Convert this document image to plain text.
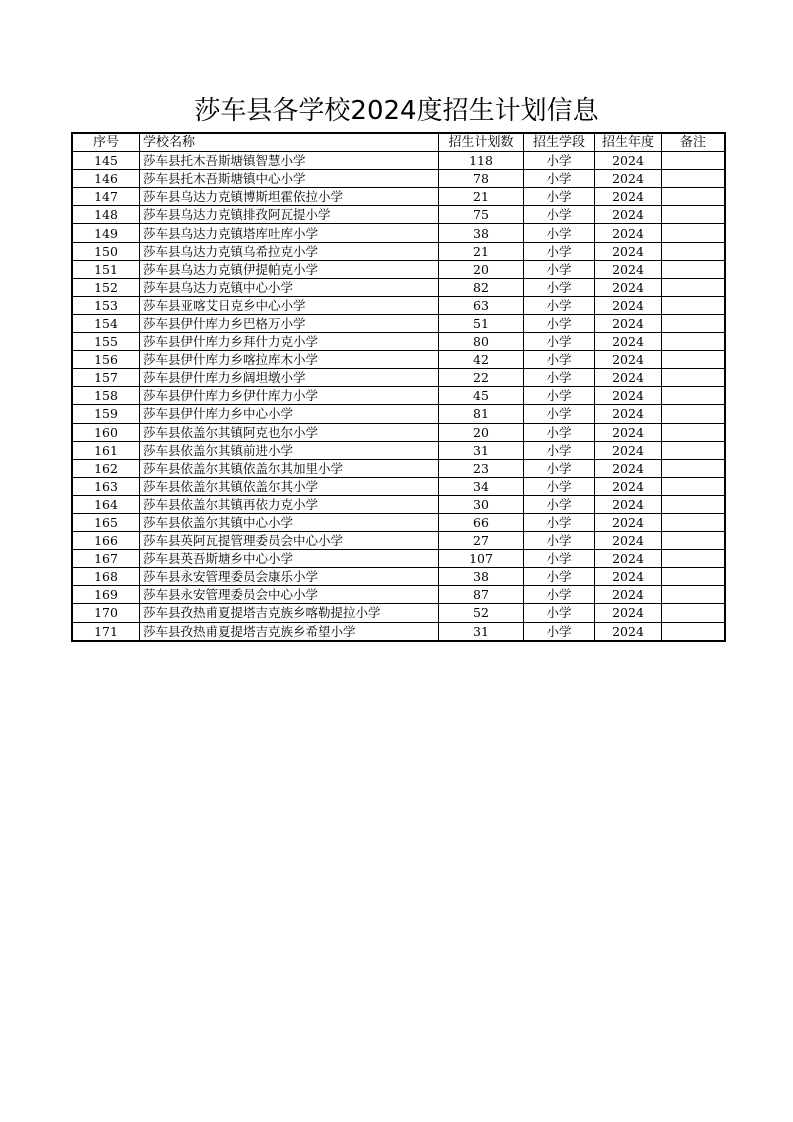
莎车县各学校2024度招生计划信息
序号	学校名称	招生计划数	招生学段	招生年度	备注
145	莎车县托木吾斯塘镇智慧小学	118	小学	2024	
146	莎车县托木吾斯塘镇中心小学	78	小学	2024	
147	莎车县乌达力克镇博斯坦霍依拉小学	21	小学	2024	
148	莎车县乌达力克镇排孜阿瓦提小学	75	小学	2024	
149	莎车县乌达力克镇塔库吐库小学	38	小学	2024	
150	莎车县乌达力克镇乌希拉克小学	21	小学	2024	
151	莎车县乌达力克镇伊提帕克小学	20	小学	2024	
152	莎车县乌达力克镇中心小学	82	小学	2024	
153	莎车县亚喀艾日克乡中心小学	63	小学	2024	
154	莎车县伊什库力乡巴格万小学	51	小学	2024	
155	莎车县伊什库力乡拜什力克小学	80	小学	2024	
156	莎车县伊什库力乡喀拉库木小学	42	小学	2024	
157	莎车县伊什库力乡阔坦墩小学	22	小学	2024	
158	莎车县伊什库力乡伊什库力小学	45	小学	2024	
159	莎车县伊什库力乡中心小学	81	小学	2024	
160	莎车县依盖尔其镇阿克也尔小学	20	小学	2024	
161	莎车县依盖尔其镇前进小学	31	小学	2024	
162	莎车县依盖尔其镇依盖尔其加里小学	23	小学	2024	
163	莎车县依盖尔其镇依盖尔其小学	34	小学	2024	
164	莎车县依盖尔其镇再依力克小学	30	小学	2024	
165	莎车县依盖尔其镇中心小学	66	小学	2024	
166	莎车县英阿瓦提管理委员会中心小学	27	小学	2024	
167	莎车县英吾斯塘乡中心小学	107	小学	2024	
168	莎车县永安管理委员会康乐小学	38	小学	2024	
169	莎车县永安管理委员会中心小学	87	小学	2024	
170	莎车县孜热甫夏提塔吉克族乡喀勒提拉小学	52	小学	2024	
171	莎车县孜热甫夏提塔吉克族乡希望小学	31	小学	2024	
